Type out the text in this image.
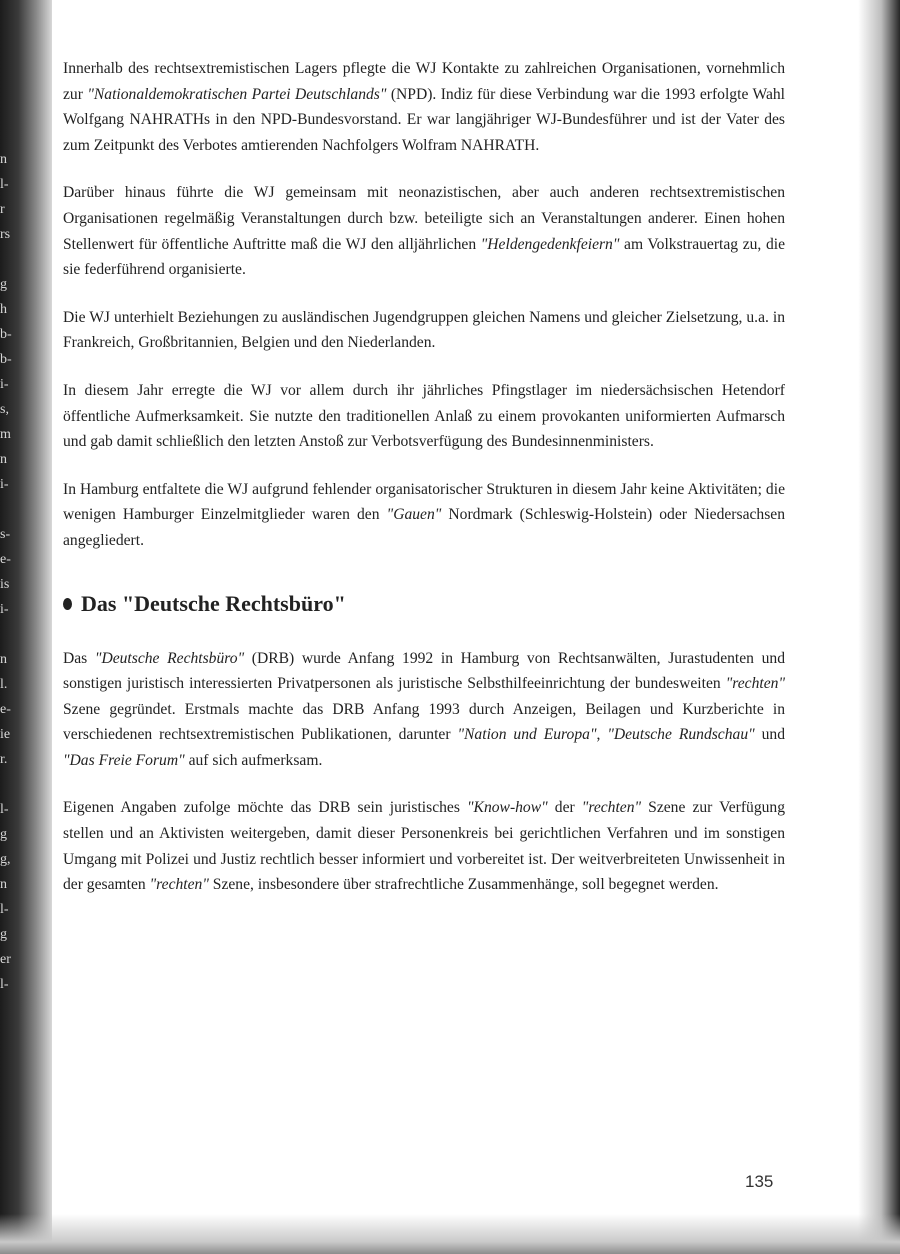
n
l-
r
rs
g
h
b-
b-
i-
s,
m
n
i-
s-
e-
is
i-
n
l.
e-
ie
r.
l-
g
g,
n
l-
g
er
l-

Innerhalb des rechtsextremistischen Lagers pflegte die WJ Kontakte zu zahlreichen Organisationen, vornehmlich zur "Nationaldemokratischen Partei Deutschlands" (NPD). Indiz für diese Verbindung war die 1993 erfolgte Wahl Wolfgang NAHRATHs in den NPD-Bundesvorstand. Er war langjähriger WJ-Bundesführer und ist der Vater des zum Zeitpunkt des Verbotes amtierenden Nachfolgers Wolfram NAHRATH.

Darüber hinaus führte die WJ gemeinsam mit neonazistischen, aber auch anderen rechtsextremistischen Organisationen regelmäßig Veranstaltungen durch bzw. beteiligte sich an Veranstaltungen anderer. Einen hohen Stellenwert für öffentliche Auftritte maß die WJ den alljährlichen "Heldengedenkfeiern" am Volkstrauertag zu, die sie federführend organisierte.

Die WJ unterhielt Beziehungen zu ausländischen Jugendgruppen gleichen Namens und gleicher Zielsetzung, u.a. in Frankreich, Großbritannien, Belgien und den Niederlanden.

In diesem Jahr erregte die WJ vor allem durch ihr jährliches Pfingstlager im niedersächsischen Hetendorf öffentliche Aufmerksamkeit. Sie nutzte den traditionellen Anlaß zu einem provokanten uniformierten Aufmarsch und gab damit schließlich den letzten Anstoß zur Verbotsverfügung des Bundesinnenministers.

In Hamburg entfaltete die WJ aufgrund fehlender organisatorischer Strukturen in diesem Jahr keine Aktivitäten; die wenigen Hamburger Einzelmitglieder waren den "Gauen" Nordmark (Schleswig-Holstein) oder Niedersachsen angegliedert.

Das "Deutsche Rechtsbüro"

Das "Deutsche Rechtsbüro" (DRB) wurde Anfang 1992 in Hamburg von Rechtsanwälten, Jurastudenten und sonstigen juristisch interessierten Privatpersonen als juristische Selbsthilfeeinrichtung der bundesweiten "rechten" Szene gegründet. Erstmals machte das DRB Anfang 1993 durch Anzeigen, Beilagen und Kurzberichte in verschiedenen rechtsextremistischen Publikationen, darunter "Nation und Europa", "Deutsche Rundschau" und "Das Freie Forum" auf sich aufmerksam.

Eigenen Angaben zufolge möchte das DRB sein juristisches "Know-how" der "rechten" Szene zur Verfügung stellen und an Aktivisten weitergeben, damit dieser Personenkreis bei gerichtlichen Verfahren und im sonstigen Umgang mit Polizei und Justiz rechtlich besser informiert und vorbereitet ist. Der weitverbreiteten Unwissenheit in der gesamten "rechten" Szene, insbesondere über strafrechtliche Zusammenhänge, soll begegnet werden.

135
